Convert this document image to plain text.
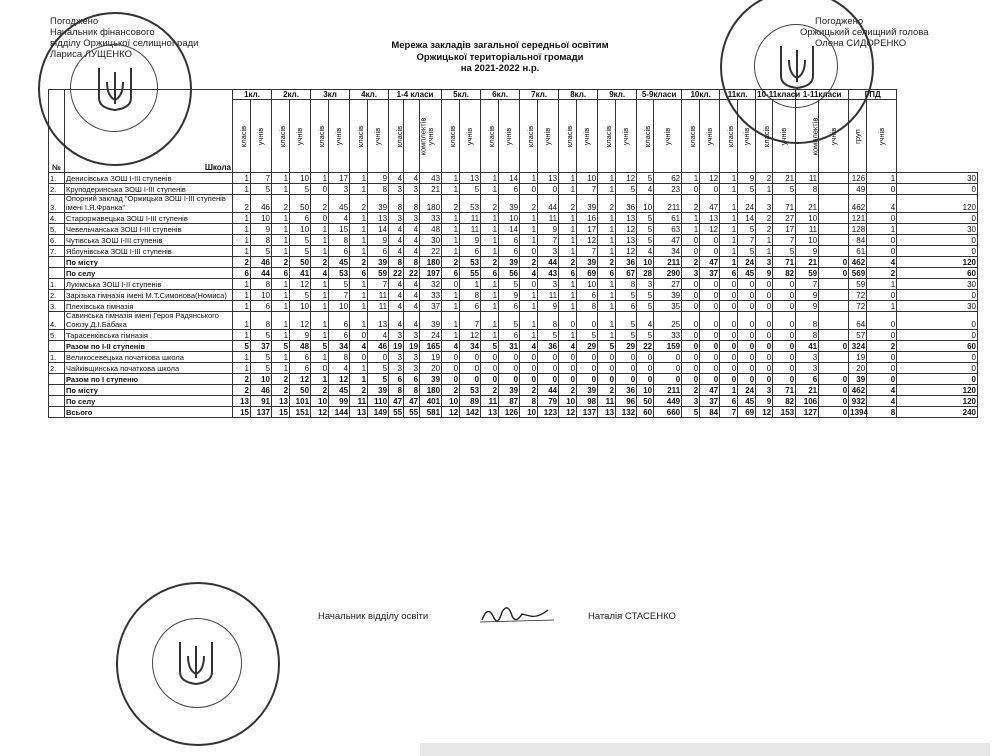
Погоджено
Начальник фінансового
відділу Оржицької селищної ради
Лариса ЛУЩЕНКО
Погоджено
Оржицький селищний голова
Олена СИДОРЕНКО
Мережа закладів загальної середньої освітим
Оржицької територіальної громади
на 2021-2022 н.р.
№	Школа	1кл.		2кл.		3кл		4кл.		1-4 класи			5кл.		6кл.		7кл.		8кл.		9кл.		5-9класи		10кл.		11кл.		10-11класи		1-11класи		ГПД		
		класів	учнів	класів	учнів	класів	учнів	класів	учнів	класів	комплектів	учнів	класів	учнів	класів	учнів	класів	учнів	класів	учнів	класів	учнів	класів	учнів	класів	учнів	класів	учнів	класів	учнів	комплектів	учнів	груп	учнів	
1.	Денисівська ЗОШ I-III ступенів	1	7	1	10	1	17	1	9	4	4	43	1	13	1	14	1	13	1	10	1	12	5	62	1	12	1	9	2	21	11		126	1	30
2.	Круподеринська ЗОШ I-III ступенів	1	5	1	5	0	3	1	8	3	3	21	1	5	1	6	0	0	1	7	1	5	4	23	0	0	1	5	1	5	8		49	0	0
3.	Опорний заклад "Оржицька ЗОШ I-III ступенів імені І.Я.Франка"	2	46	2	50	2	45	2	39	8	8	180	2	53	2	39	2	44	2	39	2	36	10	211	2	47	1	24	3	71	21		462	4	120
4.	Староржавецька ЗОШ I-III ступенів	1	10	1	6	0	4	1	13	3	3	33	1	11	1	10	1	11	1	16	1	13	5	61	1	13	1	14	2	27	10		121	0	0
5.	Чевельчанська ЗОШ I-III ступенів	1	9	1	10	1	15	1	14	4	4	48	1	11	1	14	1	9	1	17	1	12	5	63	1	12	1	5	2	17	11		128	1	30
6.	Чутівська ЗОШ I-III ступенів	1	8	1	5	1	8	1	9	4	4	30	1	9	1	6	1	7	1	12	1	13	5	47	0	0	1	7	1	7	10		84	0	0
7.	Яблунівська ЗОШ I-III ступенів	1	5	1	5	1	6	1	6	4	4	22	1	6	1	6	0	3	1	7	1	12	4	34	0	0	1	5	1	5	9		61	0	0
	По місту	2	46	2	50	2	45	2	39	8	8	180	2	53	2	39	2	44	2	39	2	36	10	211	2	47	1	24	3	71	21	0	462	4	120
	По селу	6	44	6	41	4	53	6	59	22	22	197	6	55	6	56	4	43	6	69	6	67	28	290	3	37	6	45	9	82	59	0	569	2	60
1.	Лукімська ЗОШ I-II ступенів	1	8	1	12	1	5	1	7	4	4	32	0	1	1	5	0	3	1	10	1	8	3	27	0	0	0	0	0	0	7		59	1	30
2.	Зарізька гімназія імені М.Т.Симонова(Номиса)	1	10	1	5	1	7	1	11	4	4	33	1	8	1	9	1	11	1	6	1	5	5	39	0	0	0	0	0	0	9		72	0	0
3.	Плехівська гімназія	1	6	1	10	1	10	1	11	4	4	37	1	6	1	6	1	9	1	8	1	6	5	35	0	0	0	0	0	0	9		72	1	30
4.	Савинська гімназія імені Героя Радянського Союзу Д.І.Бабака	1	8	1	12	1	6	1	13	4	4	39	1	7	1	5	1	8	0	0	1	5	4	25	0	0	0	0	0	0	8		64	0	0
5.	Тарасенківська гімназія	1	5	1	9	1	6	0	4	3	3	24	1	12	1	6	1	5	1	5	1	5	5	33	0	0	0	0	0	0	8		57	0	0
	Разом по I-II ступенів	5	37	5	48	5	34	4	46	19	19	165	4	34	5	31	4	36	4	29	5	29	22	159	0	0	0	0	0	0	41	0	324	2	60
1.	Великосевецька початкова школа	1	5	1	6	1	8	0	0	3	3	19	0	0	0	0	0	0	0	0	0	0	0	0	0	0	0	0	0	0	3		19	0	0
2.	Чайківщинська початкова школа	1	5	1	6	0	4	1	5	3	3	20	0	0	0	0	0	0	0	0	0	0	0	0	0	0	0	0	0	0	3		20	0	0
	Разом по I ступеню	2	10	2	12	1	12	1	5	6	6	39	0	0	0	0	0	0	0	0	0	0	0	0	0	0	0	0	0	0	6	0	39	0	0
	По місту	2	46	2	50	2	45	2	39	8	8	180	2	53	2	39	2	44	2	39	2	36	10	211	2	47	1	24	3	71	21	0	462	4	120
	По селу	13	91	13	101	10	99	11	110	47	47	401	10	89	11	87	8	79	10	98	11	96	50	449	3	37	6	45	9	82	106	0	932	4	120
	Всього	15	137	15	151	12	144	13	149	55	55	581	12	142	13	126	10	123	12	137	13	132	60	660	5	84	7	69	12	153	127	0	1394	8	240
Начальник відділу освіти	Наталія СТАСЕНКО
